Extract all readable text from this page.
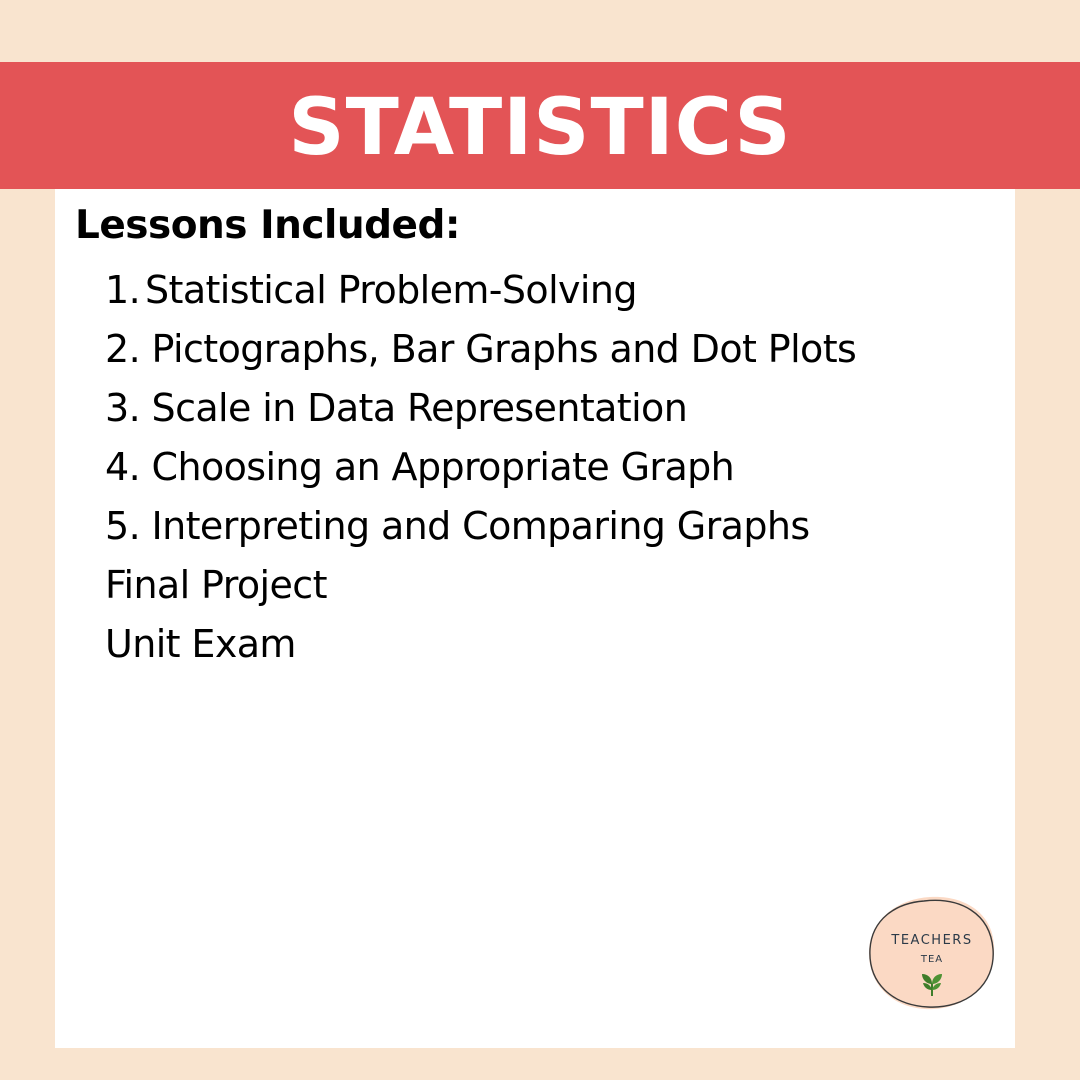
STATISTICS
Lessons Included:
1. Statistical Problem-Solving
2. Pictographs, Bar Graphs and Dot Plots
3. Scale in Data Representation
4. Choosing an Appropriate Graph
5. Interpreting and Comparing Graphs
Final Project
Unit Exam
TEACHERS
TEA
